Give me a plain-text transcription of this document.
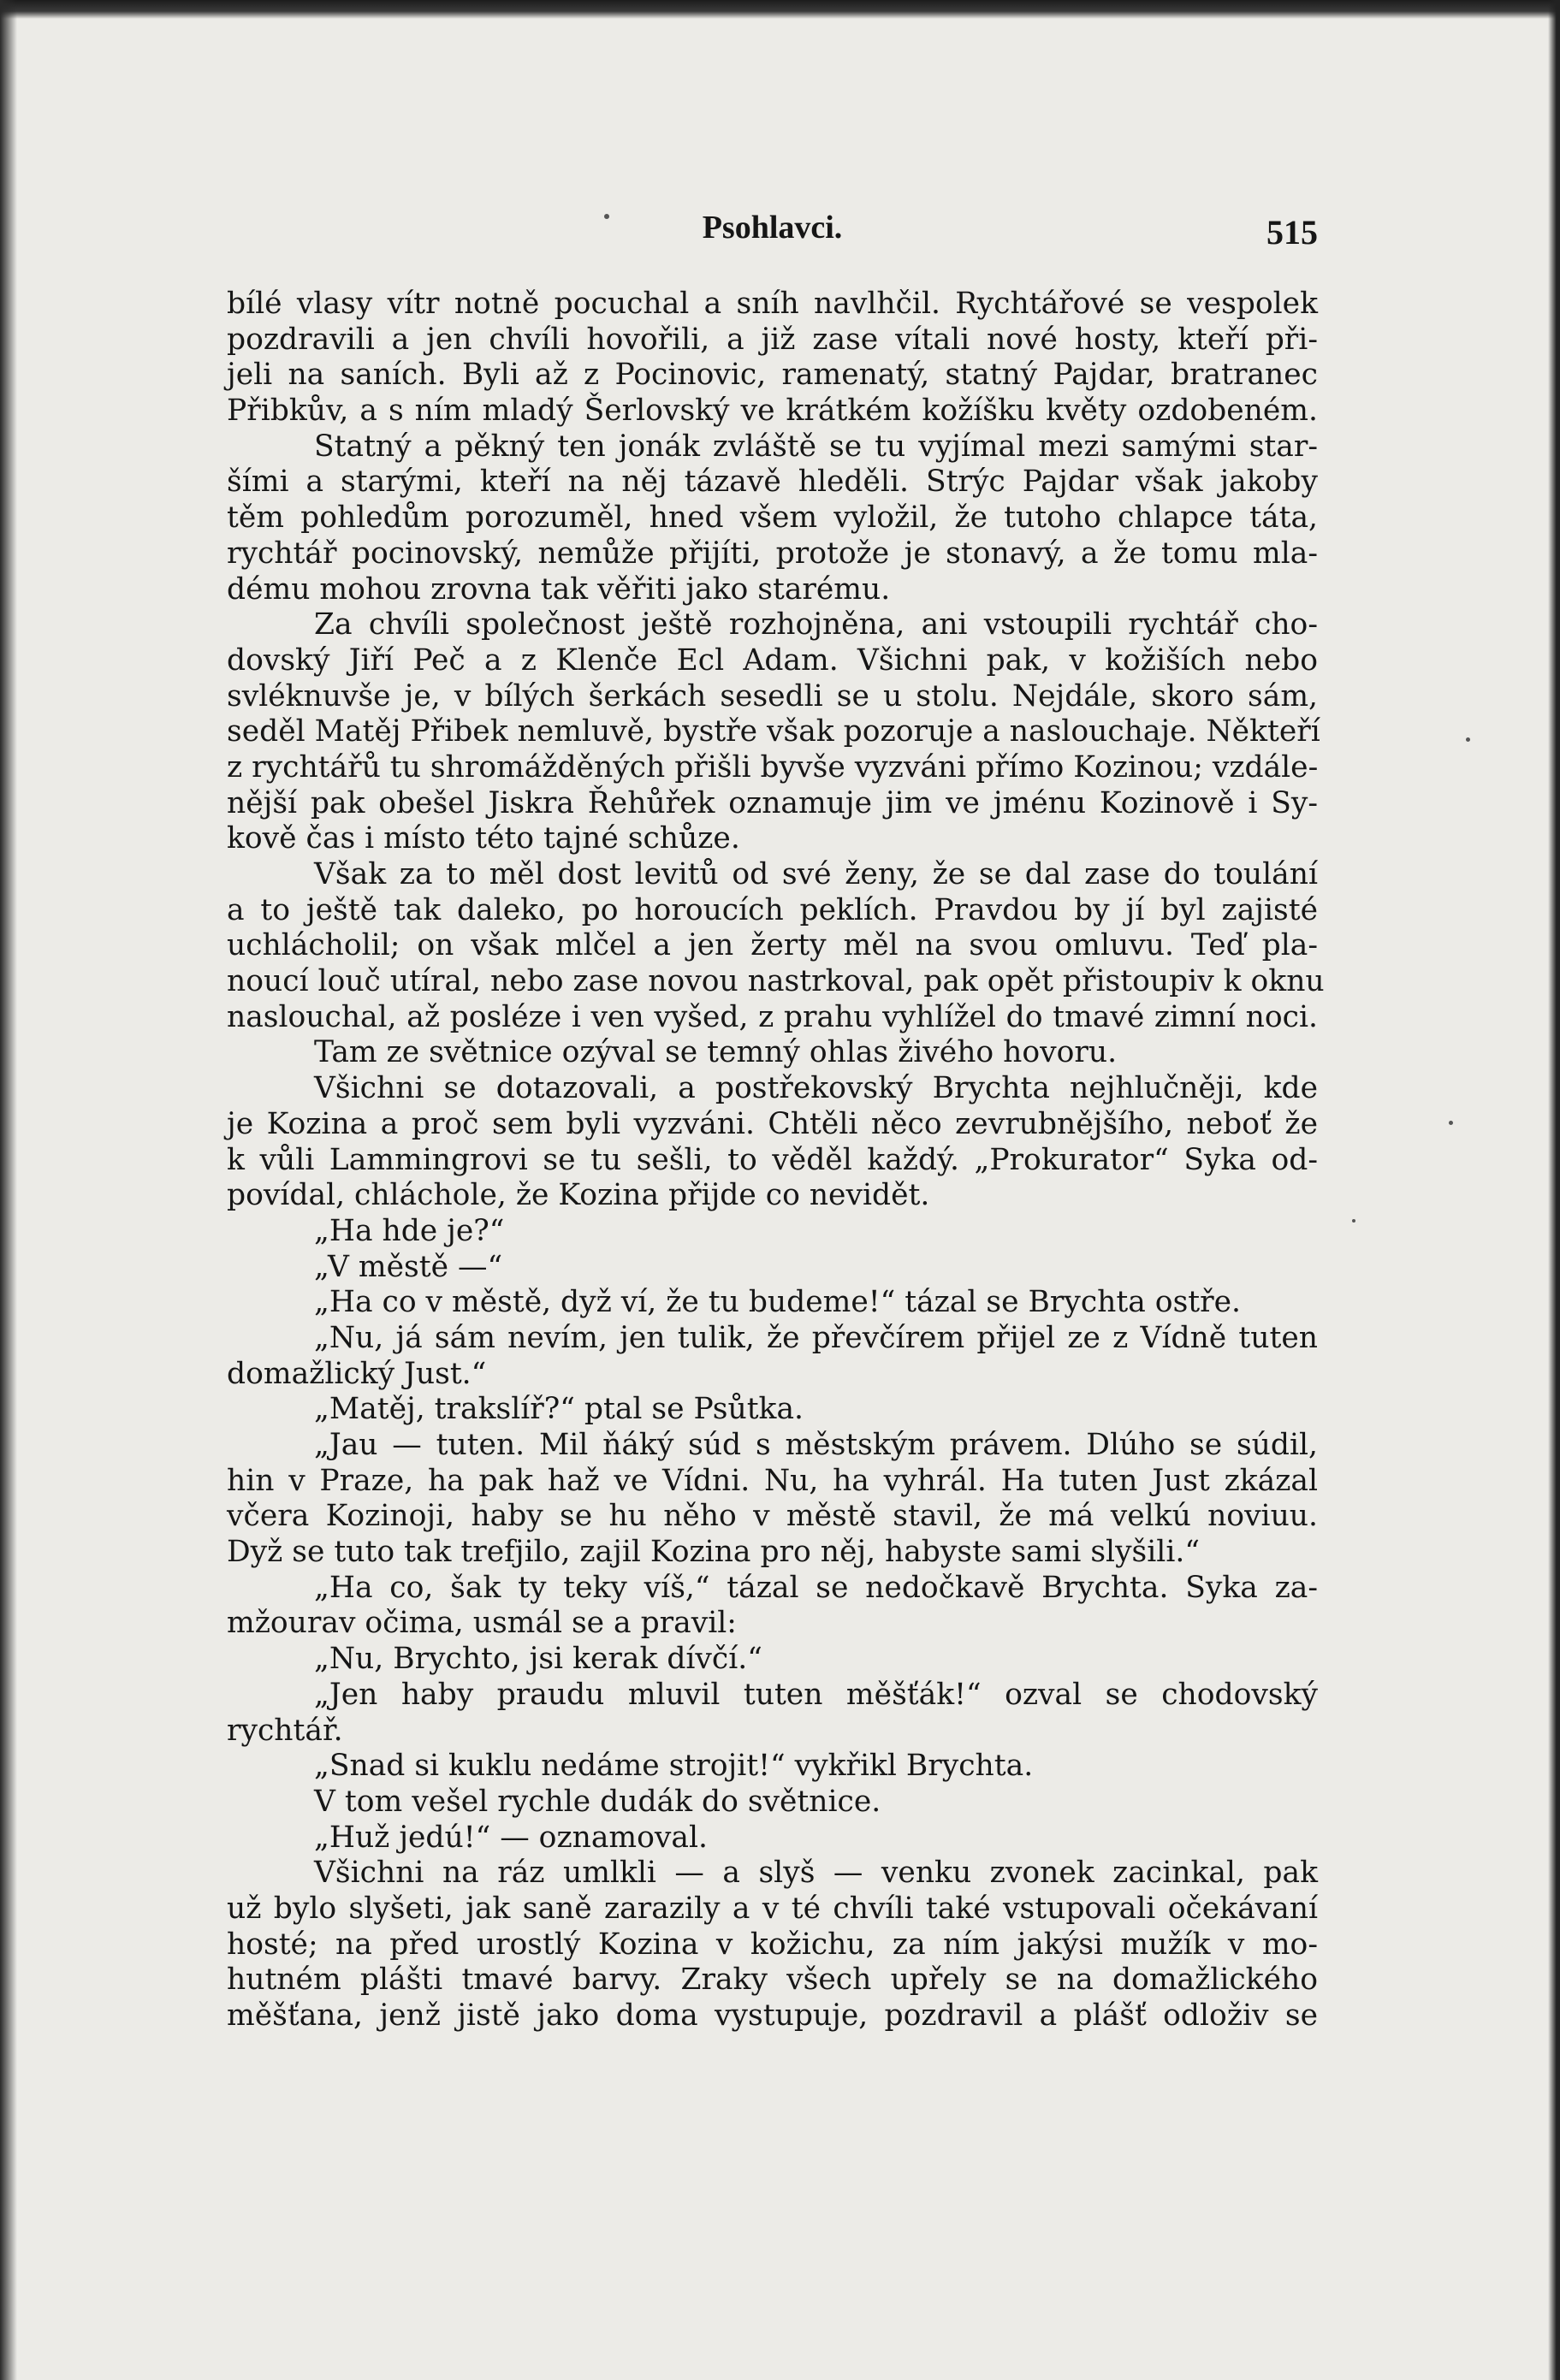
Psohlavci.	515
bílé vlasy vítr notně pocuchal a sníh navlhčil. Rychtářové se vespolek
pozdravili a jen chvíli hovořili, a již zase vítali nové hosty, kteří při-
jeli na saních. Byli až z Pocinovic, ramenatý, statný Pajdar, bratranec
Přibkův, a s ním mladý Šerlovský ve krátkém kožíšku květy ozdobeném.
Statný a pěkný ten jonák zvláště se tu vyjímal mezi samými star-
šími a starými, kteří na něj tázavě hleděli. Strýc Pajdar však jakoby
těm pohledům porozuměl, hned všem vyložil, že tutoho chlapce táta,
rychtář pocinovský, nemůže přijíti, protože je stonavý, a že tomu mla-
dému mohou zrovna tak věřiti jako starému.
Za chvíli společnost ještě rozhojněna, ani vstoupili rychtář cho-
dovský Jiří Peč a z Klenče Ecl Adam. Všichni pak, v kožiších nebo
svléknuvše je, v bílých šerkách sesedli se u stolu. Nejdále, skoro sám,
seděl Matěj Přibek nemluvě, bystře však pozoruje a naslouchaje. Někteří
z rychtářů tu shromážděných přišli byvše vyzváni přímo Kozinou; vzdále-
nější pak obešel Jiskra Řehůřek oznamuje jim ve jménu Kozinově i Sy-
kově čas i místo této tajné schůze.
Však za to měl dost levitů od své ženy, že se dal zase do toulání
a to ještě tak daleko, po horoucích peklích. Pravdou by jí byl zajisté
uchlácholil; on však mlčel a jen žerty měl na svou omluvu. Teď pla-
noucí louč utíral, nebo zase novou nastrkoval, pak opět přistoupiv k oknu
naslouchal, až posléze i ven vyšed, z prahu vyhlížel do tmavé zimní noci.
Tam ze světnice ozýval se temný ohlas živého hovoru.
Všichni se dotazovali, a postřekovský Brychta nejhlučněji, kde
je Kozina a proč sem byli vyzváni. Chtěli něco zevrubnějšího, neboť že
k vůli Lammingrovi se tu sešli, to věděl každý. „Prokurator“ Syka od-
povídal, chlácholе, že Kozina přijde co nevidět.
„Ha hde je?“
„V městě —“
„Ha co v městě, dyž ví, že tu budeme!“ tázal se Brychta ostře.
„Nu, já sám nevím, jen tulik, že převčírem přijel ze z Vídně tuten
domažlický Just.“
„Matěj, trakslíř?“ ptal se Psůtka.
„Jau — tuten. Mil ňáký súd s městským právem. Dlúho se súdil,
hin v Praze, ha pak haž ve Vídni. Nu, ha vyhrál. Ha tuten Just zkázal
včera Kozinoji, haby se hu něho v městě stavil, že má velkú noviuu.
Dyž se tuto tak trefjilo, zajil Kozina pro něj, habyste sami slyšili.“
„Ha co, šak ty teky víš,“ tázal se nedočkavě Brychta. Syka za-
mžourav očima, usmál se a pravil:
„Nu, Brychto, jsi kerak dívčí.“
„Jen haby praudu mluvil tuten měšťák!“ ozval se chodovský
rychtář.
„Snad si kuklu nedáme strojit!“ vykřikl Brychta.
V tom vešel rychle dudák do světnice.
„Huž jedú!“ — oznamoval.
Všichni na ráz umlkli — a slyš — venku zvonek zacinkal, pak
už bylo slyšeti, jak saně zarazily a v té chvíli také vstupovali očekávaní
hosté; na před urostlý Kozina v kožichu, za ním jakýsi mužík v mo-
hutném plášti tmavé barvy. Zraky všech upřely se na domažlického
měšťana, jenž jistě jako doma vystupuje, pozdravil a plášť odloživ se
